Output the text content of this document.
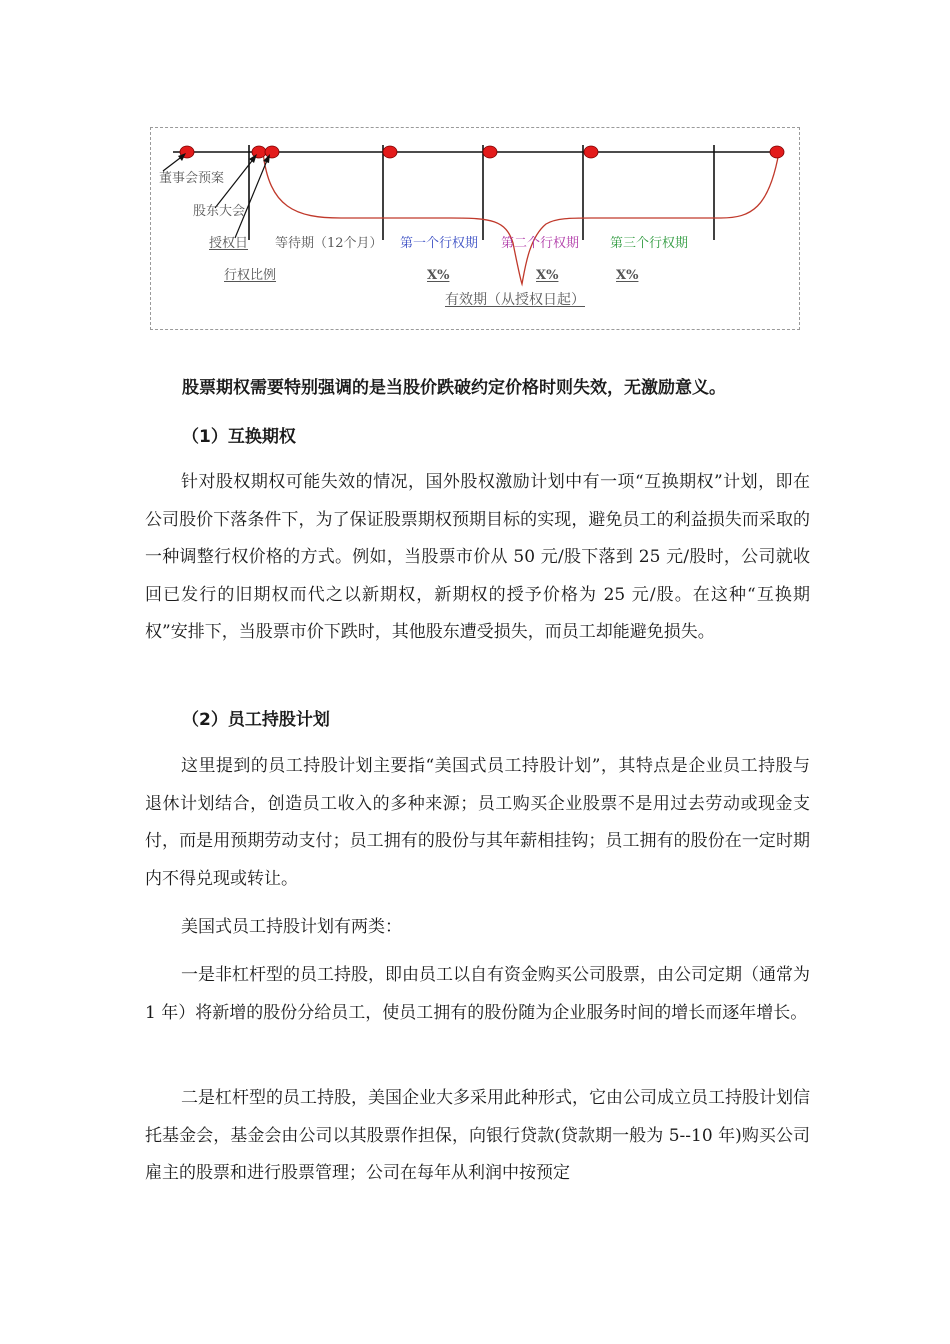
董事会预案
股东大会
授权日
行权比例
等待期（12个月） 第一个行权期 第二个行权期 第三个行权期
X%	X%	X%
有效期（从授权日起）
股票期权需要特别强调的是当股价跌破约定价格时则失效，无激励意义。
（1）互换期权

针对股权期权可能失效的情况，国外股权激励计划中有一项“互换期权”计划，即在公司股价下落条件下，为了保证股票期权预期目标的实现，避免员工的利益损失而采取的一种调整行权价格的方式。例如，当股票市价从 50 元/股下落到 25 元/股时，公司就收回已发行的旧期权而代之以新期权，新期权的授予价格为 25 元/股。在这种“互换期权”安排下，当股票市价下跌时，其他股东遭受损失，而员工却能避免损失。

（2）员工持股计划

这里提到的员工持股计划主要指“美国式员工持股计划”，其特点是企业员工持股与退休计划结合，创造员工收入的多种来源；员工购买企业股票不是用过去劳动或现金支付，而是用预期劳动支付；员工拥有的股份与其年薪相挂钩；员工拥有的股份在一定时期内不得兑现或转让。

美国式员工持股计划有两类：

一是非杠杆型的员工持股，即由员工以自有资金购买公司股票，由公司定期（通常为 1 年）将新增的股份分给员工，使员工拥有的股份随为企业服务时间的增长而逐年增长。

二是杠杆型的员工持股，美国企业大多采用此种形式，它由公司成立员工持股计划信托基金会，基金会由公司以其股票作担保，向银行贷款(贷款期一般为 5--10 年)购买公司雇主的股票和进行股票管理；公司在每年从利润中按预定
